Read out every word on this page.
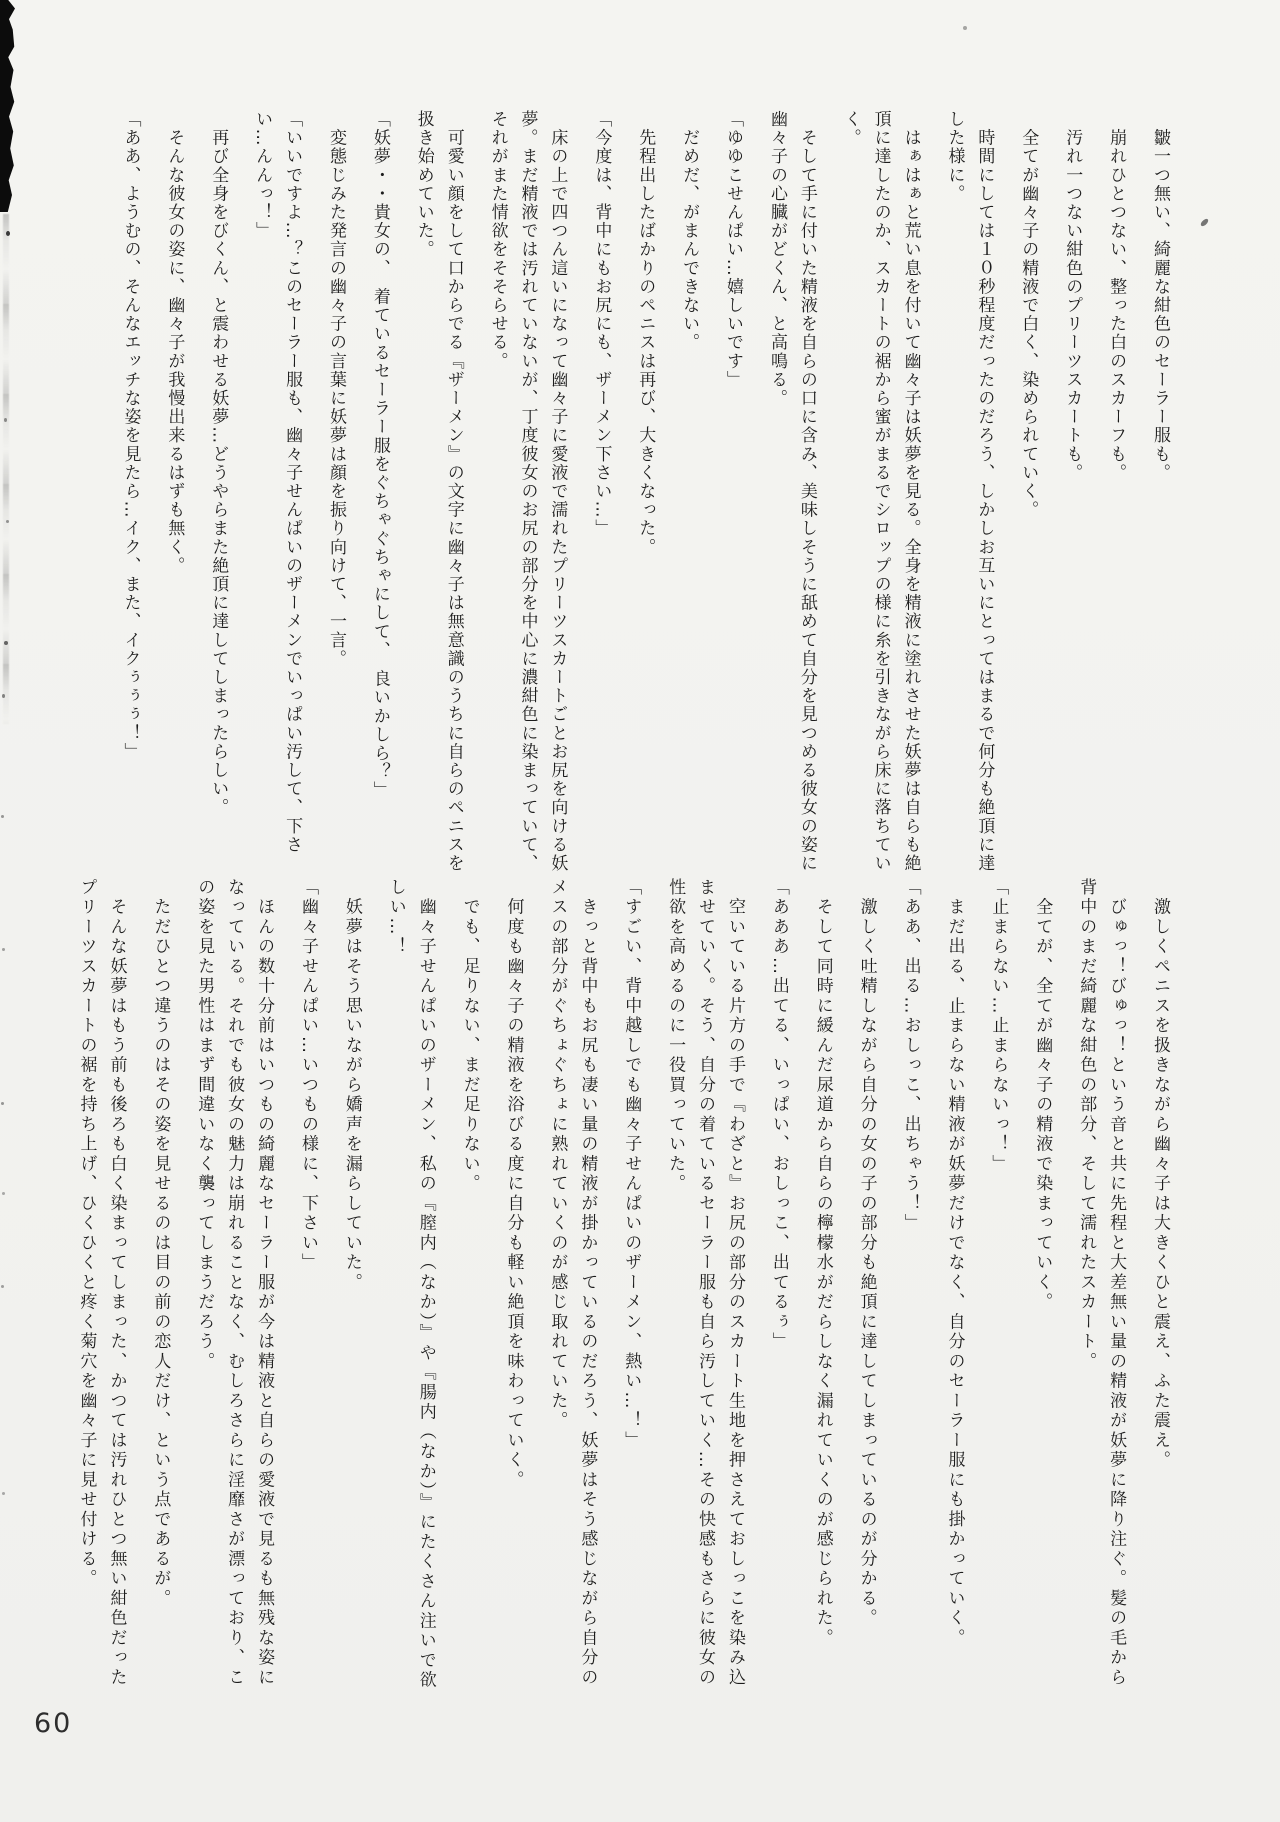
　皺一つ無い、綺麗な紺色のセーラー服も。

　崩れひとつない、整った白のスカーフも。

　汚れ一つない紺色のプリーツスカートも。

　全てが幽々子の精液で白く、染められていく。

　時間にしては１０秒程度だったのだろう、しかしお互いにとってはまるで何分も絶頂に達した様に。

　はぁはぁと荒い息を付いて幽々子は妖夢を見る。全身を精液に塗れさせた妖夢は自らも絶頂に達したのか、スカートの裾から蜜がまるでシロップの様に糸を引きながら床に落ちていく。

　そして手に付いた精液を自らの口に含み、美味しそうに舐めて自分を見つめる彼女の姿に幽々子の心臓がどくん、と高鳴る。

「ゆゆこせんぱい…嬉しいです」

　だめだ、がまんできない。

　先程出したばかりのペニスは再び、大きくなった。

「今度は、背中にもお尻にも、ザーメン下さい…」

　床の上で四つん這いになって幽々子に愛液で濡れたプリーツスカートごとお尻を向ける妖夢。まだ精液では汚れていないが、丁度彼女のお尻の部分を中心に濃紺色に染まっていて、それがまた情欲をそそらせる。

　可愛い顔をして口からでる『ザーメン』の文字に幽々子は無意識のうちに自らのペニスを扱き始めていた。

「妖夢・・貴女の、　着ているセーラー服をぐちゃぐちゃにして、　良いかしら？」

　変態じみた発言の幽々子の言葉に妖夢は顔を振り向けて、一言。

「いいですよ…？このセーラー服も、幽々子せんぱいのザーメンでいっぱい汚して、下さい…んんっ！」

　再び全身をびくん、と震わせる妖夢…どうやらまた絶頂に達してしまったらしい。

　そんな彼女の姿に、幽々子が我慢出来るはずも無く。

「ああ、ようむの、そんなエッチな姿を見たら…イク、また、イクぅぅぅ！」

　激しくペニスを扱きながら幽々子は大きくひと震え、ふた震え。

　びゅっ！びゅっ！という音と共に先程と大差無い量の精液が妖夢に降り注ぐ。髪の毛から背中のまだ綺麗な紺色の部分、そして濡れたスカート。

　全てが、全てが幽々子の精液で染まっていく。

「止まらない…止まらないっ！」

　まだ出る、止まらない精液が妖夢だけでなく、自分のセーラー服にも掛かっていく。

「ああ、出る…おしっこ、出ちゃう！」

　激しく吐精しながら自分の女の子の部分も絶頂に達してしまっているのが分かる。

　そして同時に緩んだ尿道から自らの檸檬水がだらしなく漏れていくのが感じられた。

「あああ…出てる、いっぱい、おしっこ、出てるぅ」

　空いている片方の手で『わざと』お尻の部分のスカート生地を押さえておしっこを染み込ませていく。そう、自分の着ているセーラー服も自ら汚していく…その快感もさらに彼女の性欲を高めるのに一役買っていた。

「すごい、背中越しでも幽々子せんぱいのザーメン、熱い…！」

　きっと背中もお尻も凄い量の精液が掛かっているのだろう、妖夢はそう感じながら自分のメスの部分がぐちょぐちょに熟れていくのが感じ取れていた。

　何度も幽々子の精液を浴びる度に自分も軽い絶頂を味わっていく。

　でも、足りない、まだ足りない。

　幽々子せんぱいのザーメン、私の『膣内（なか）』や『腸内（なか）』にたくさん注いで欲しい…！

　妖夢はそう思いながら嬌声を漏らしていた。

「幽々子せんぱい…いつもの様に、下さい」

　ほんの数十分前はいつもの綺麗なセーラー服が今は精液と自らの愛液で見るも無残な姿になっている。それでも彼女の魅力は崩れることなく、むしろさらに淫靡さが漂っており、この姿を見た男性はまず間違いなく襲ってしまうだろう。

　ただひとつ違うのはその姿を見せるのは目の前の恋人だけ、という点であるが。

　そんな妖夢はもう前も後ろも白く染まってしまった、かつては汚れひとつ無い紺色だったプリーツスカートの裾を持ち上げ、ひくひくと疼く菊穴を幽々子に見せ付ける。

60
